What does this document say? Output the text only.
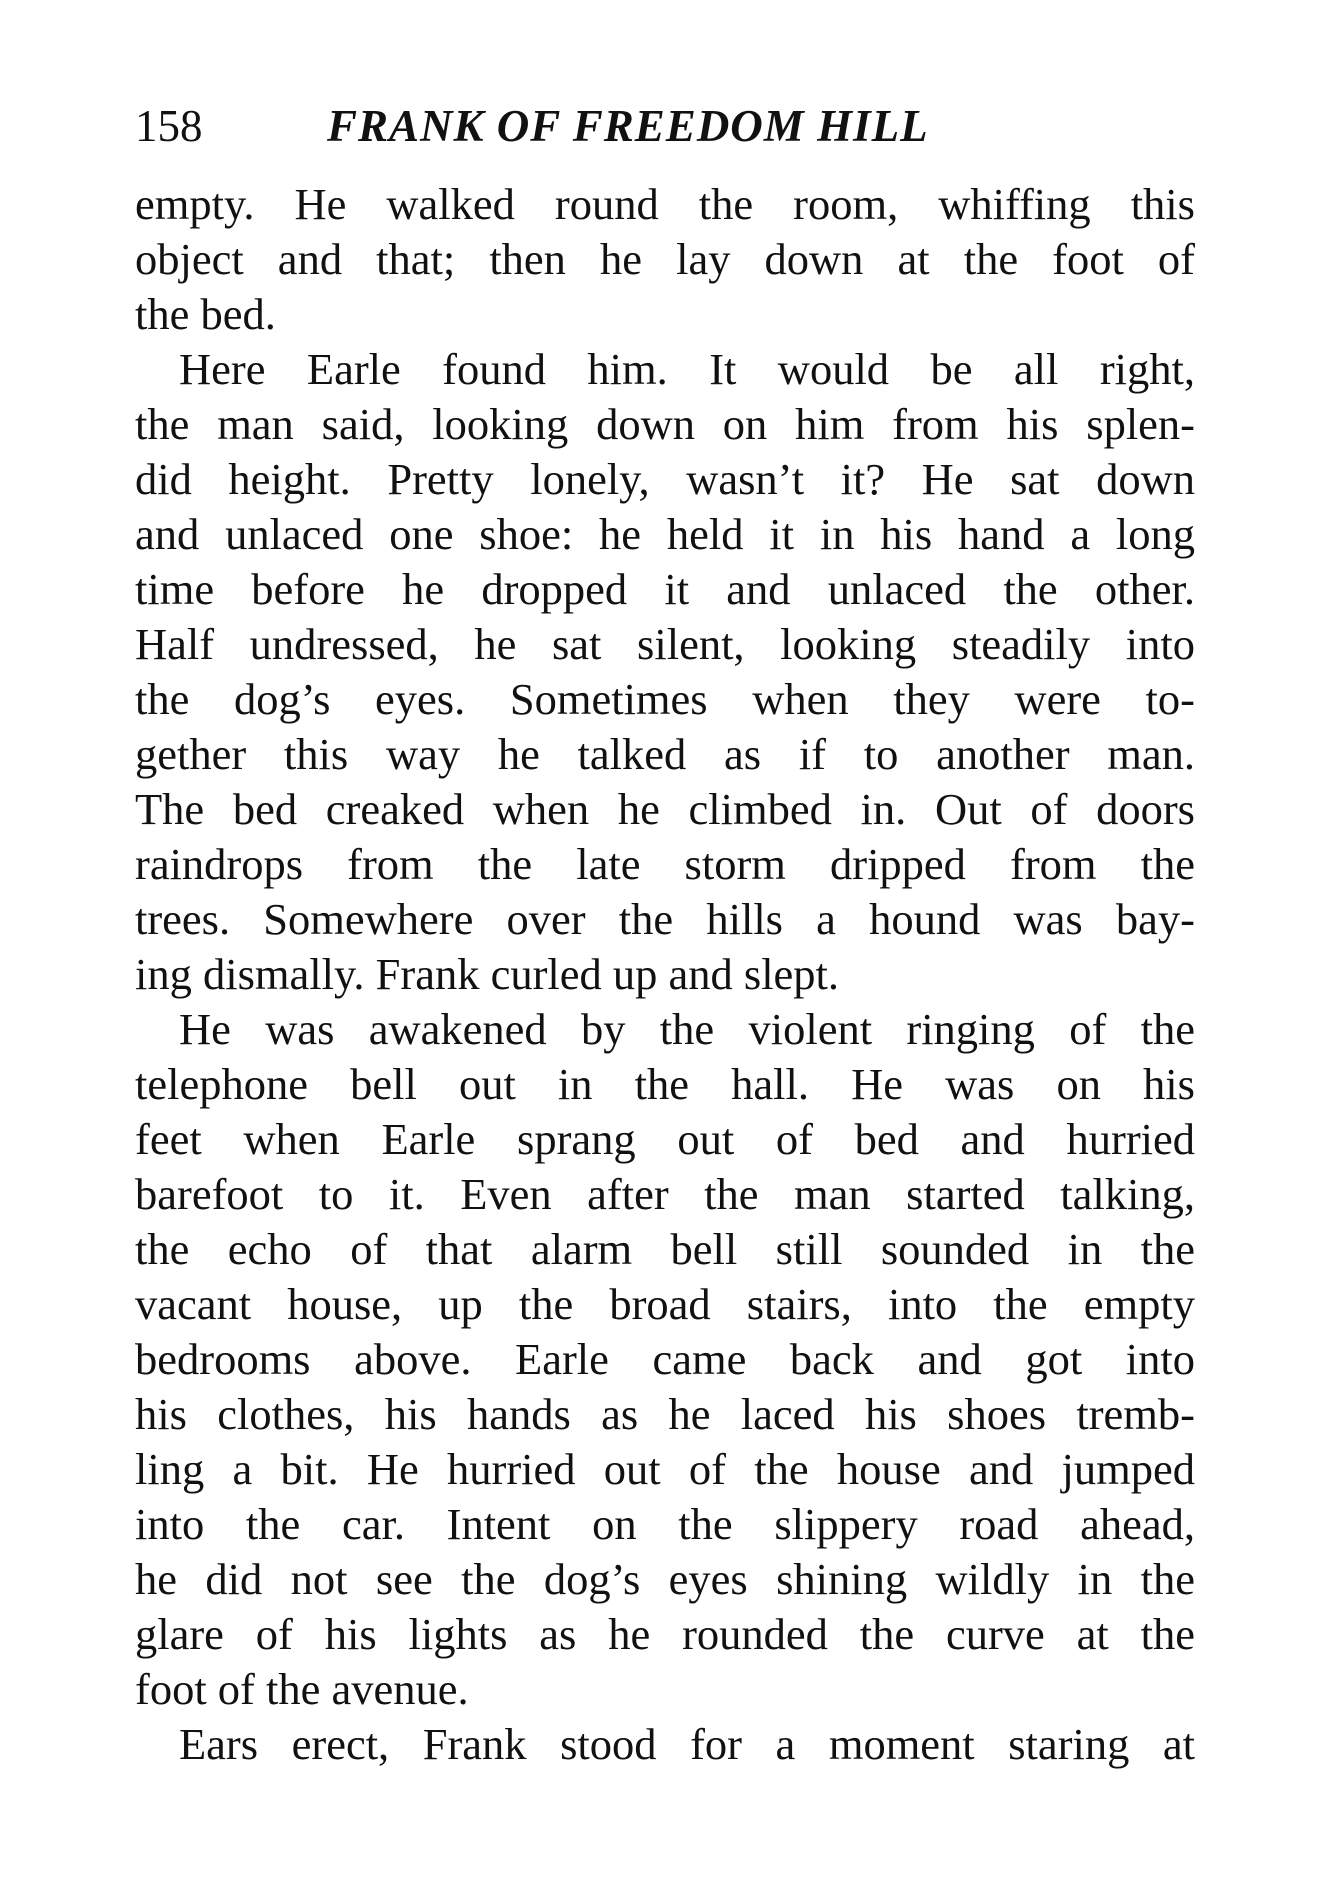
158	FRANK OF FREEDOM HILL
empty. He walked round the room, whiffing this
object and that; then he lay down at the foot of
the bed.
Here Earle found him. It would be all right,
the man said, looking down on him from his splen-
did height. Pretty lonely, wasn’t it? He sat down
and unlaced one shoe: he held it in his hand a long
time before he dropped it and unlaced the other.
Half undressed, he sat silent, looking steadily into
the dog’s eyes. Sometimes when they were to-
gether this way he talked as if to another man.
The bed creaked when he climbed in. Out of doors
raindrops from the late storm dripped from the
trees. Somewhere over the hills a hound was bay-
ing dismally. Frank curled up and slept.
He was awakened by the violent ringing of the
telephone bell out in the hall. He was on his
feet when Earle sprang out of bed and hurried
barefoot to it. Even after the man started talking,
the echo of that alarm bell still sounded in the
vacant house, up the broad stairs, into the empty
bedrooms above. Earle came back and got into
his clothes, his hands as he laced his shoes tremb-
ling a bit. He hurried out of the house and jumped
into the car. Intent on the slippery road ahead,
he did not see the dog’s eyes shining wildly in the
glare of his lights as he rounded the curve at the
foot of the avenue.
Ears erect, Frank stood for a moment staring at
